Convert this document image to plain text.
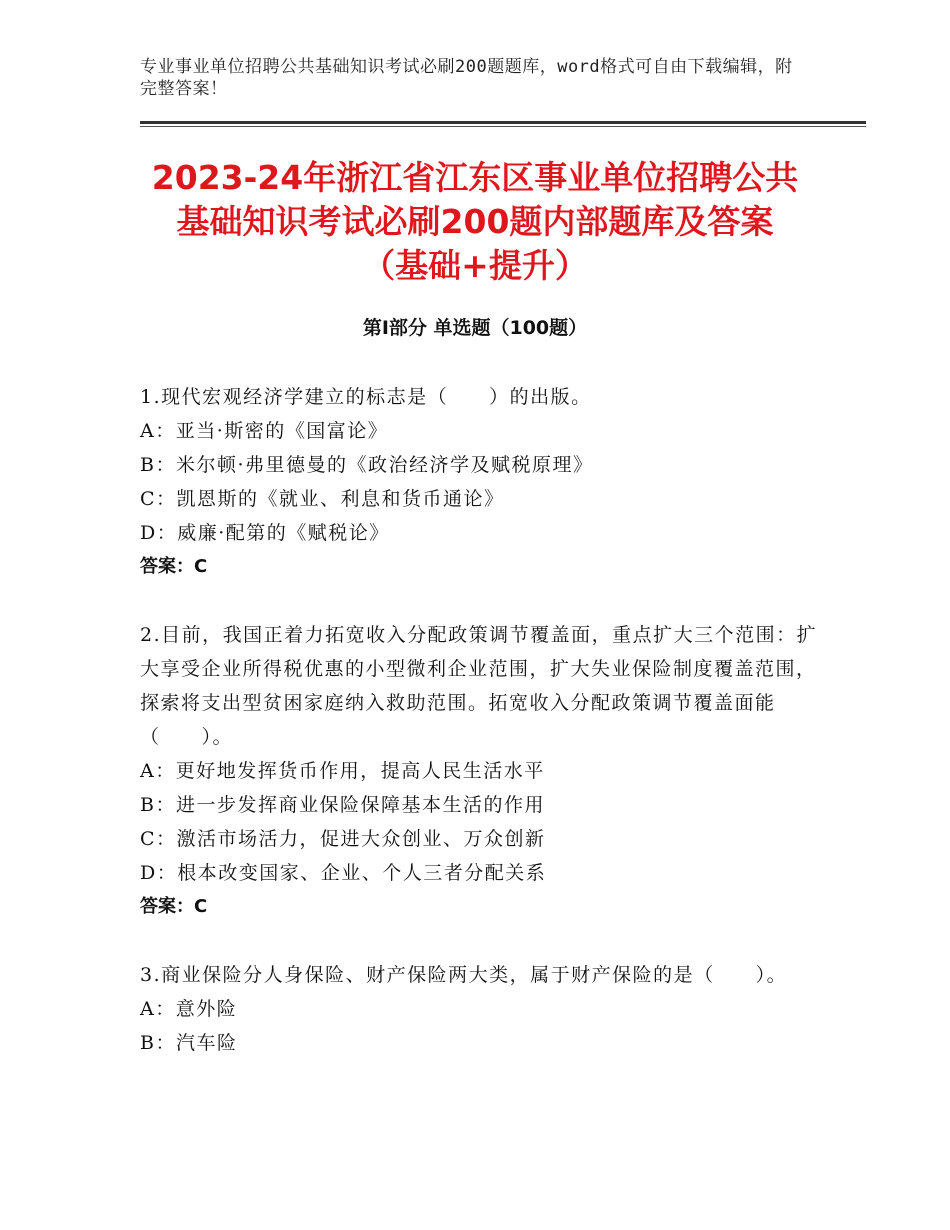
专业事业单位招聘公共基础知识考试必刷200题题库，word格式可自由下载编辑，附完整答案！
2023-24年浙江省江东区事业单位招聘公共
基础知识考试必刷200题内部题库及答案
（基础+提升）
第Ⅰ部分 单选题（100题）
1.现代宏观经济学建立的标志是（　　）的出版。
A：亚当·斯密的《国富论》
B：米尔顿·弗里德曼的《政治经济学及赋税原理》
C：凯恩斯的《就业、利息和货币通论》
D：威廉·配第的《赋税论》
答案：C
2.目前，我国正着力拓宽收入分配政策调节覆盖面，重点扩大三个范围：扩大享受企业所得税优惠的小型微利企业范围，扩大失业保险制度覆盖范围，探索将支出型贫困家庭纳入救助范围。拓宽收入分配政策调节覆盖面能（　　）。
A：更好地发挥货币作用，提高人民生活水平
B：进一步发挥商业保险保障基本生活的作用
C：激活市场活力，促进大众创业、万众创新
D：根本改变国家、企业、个人三者分配关系
答案：C
3.商业保险分人身保险、财产保险两大类，属于财产保险的是（　　）。
A：意外险
B：汽车险
